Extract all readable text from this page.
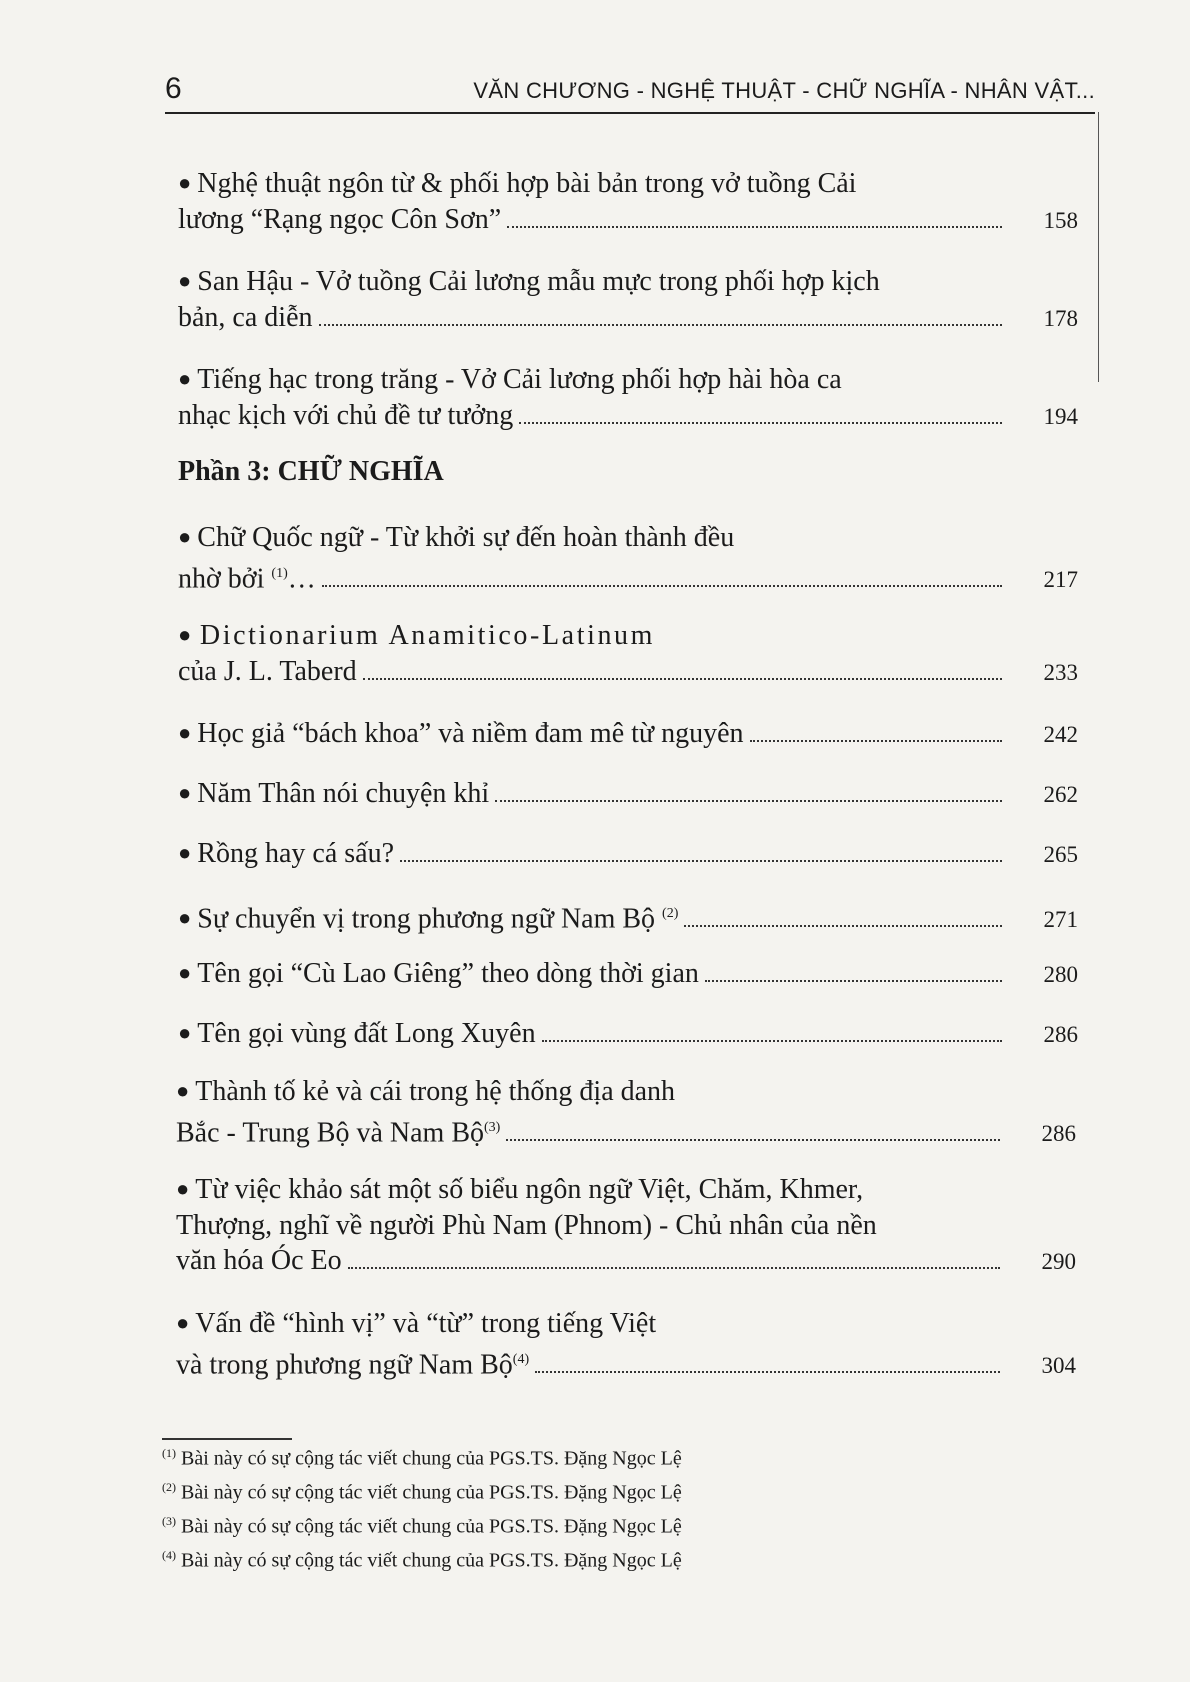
6	VĂN CHƯƠNG - NGHỆ THUẬT - CHỮ NGHĨA - NHÂN VẬT...
● Nghệ thuật ngôn từ & phối hợp bài bản trong vở tuồng Cải
lương “Rạng ngọc Côn Sơn”	158
● San Hậu - Vở tuồng Cải lương mẫu mực trong phối hợp kịch
bản, ca diễn	178
● Tiếng hạc trong trăng - Vở Cải lương phối hợp hài hòa ca
nhạc kịch với chủ đề tư tưởng	194
Phần 3: CHỮ NGHĨA
● Chữ Quốc ngữ - Từ khởi sự đến hoàn thành đều
nhờ bởi $^{(1)}$…	217
● Dictionarium Anamitico-Latinum
của J. L. Taberd	233
● Học giả “bách khoa” và niềm đam mê từ nguyên	242
● Năm Thân nói chuyện khỉ	262
● Rồng hay cá sấu?	265
● Sự chuyển vị trong phương ngữ Nam Bộ $^{(2)}$	271
● Tên gọi “Cù Lao Giêng” theo dòng thời gian	280
● Tên gọi vùng đất Long Xuyên	286
● Thành tố kẻ và cái trong hệ thống địa danh
Bắc - Trung Bộ và Nam Bộ$^{(3)}$	286
● Từ việc khảo sát một số biểu ngôn ngữ Việt, Chăm, Khmer,
Thượng, nghĩ về người Phù Nam (Phnom) - Chủ nhân của nền
văn hóa Óc Eo	290
● Vấn đề “hình vị” và “từ” trong tiếng Việt
và trong phương ngữ Nam Bộ$^{(4)}$	304
$^{(1)}$ Bài này có sự cộng tác viết chung của PGS.TS. Đặng Ngọc Lệ
$^{(2)}$ Bài này có sự cộng tác viết chung của PGS.TS. Đặng Ngọc Lệ
$^{(3)}$ Bài này có sự cộng tác viết chung của PGS.TS. Đặng Ngọc Lệ
$^{(4)}$ Bài này có sự cộng tác viết chung của PGS.TS. Đặng Ngọc Lệ
